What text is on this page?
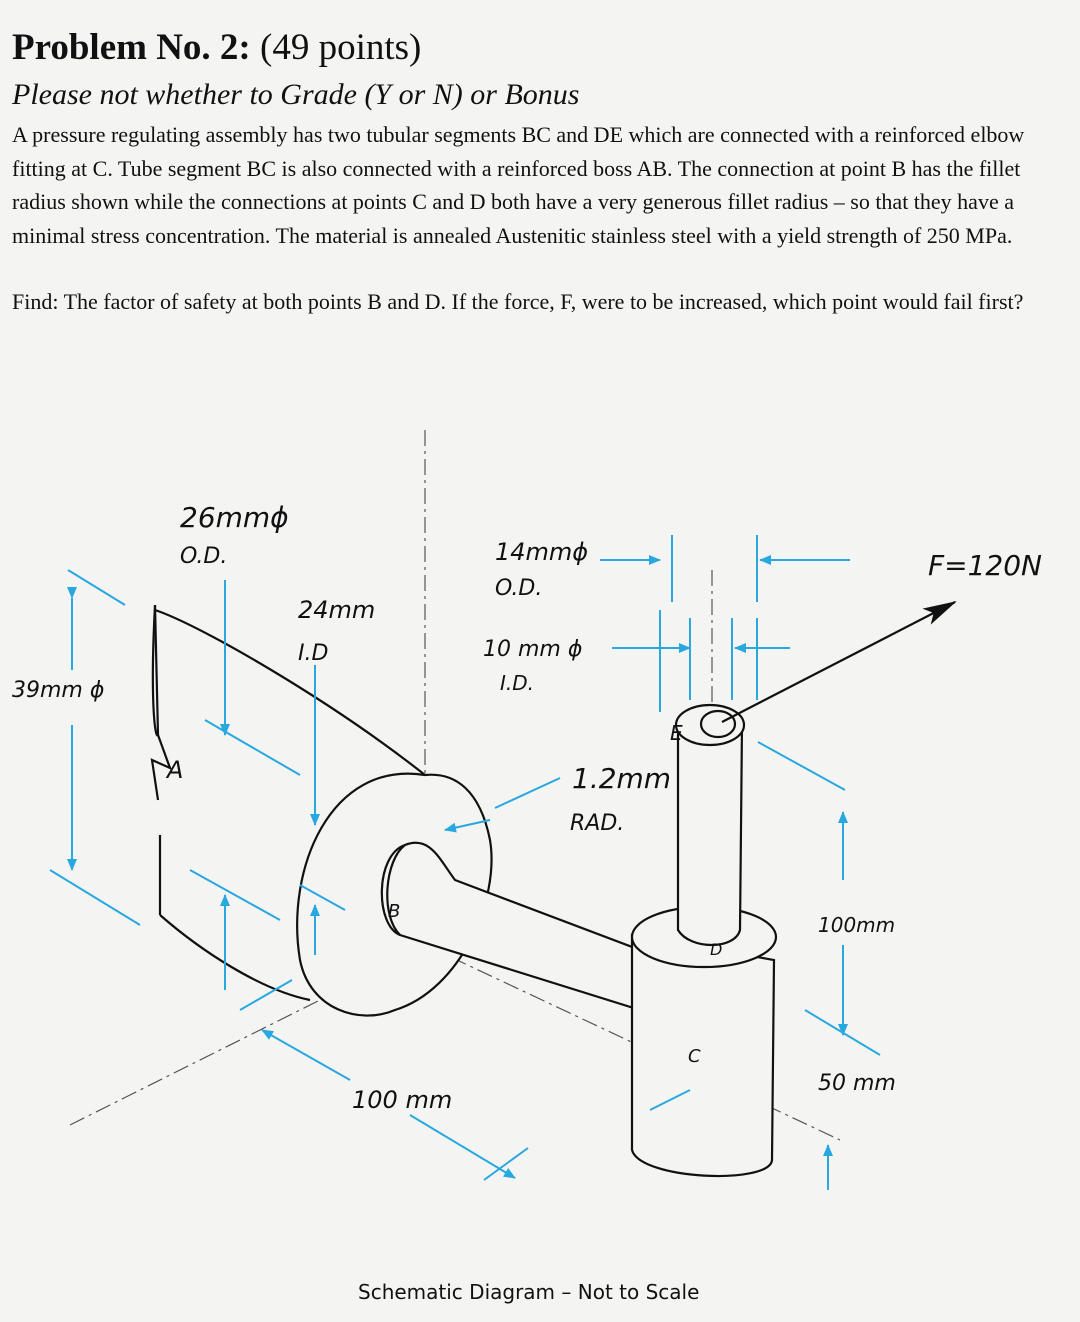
Problem No. 2: (49 points)

Please not whether to Grade (Y or N) or Bonus

A pressure regulating assembly has two tubular segments BC and DE which are connected with a reinforced elbow fitting at C. Tube segment BC is also connected with a reinforced boss AB. The connection at point B has the fillet radius shown while the connections at points C and D both have a very generous fillet radius – so that they have a minimal stress concentration. The material is annealed Austenitic stainless steel with a yield strength of 250 MPa.

Find: The factor of safety at both points B and D. If the force, F, were to be increased, which point would fail first?

26mmϕ
O.D.
39mm ϕ
24mm
I.D
14mmϕ
O.D.
10 mm ϕ
I.D.
1.2mm
RAD.
F=120N
100mm
100 mm
50 mm
A
B
C
D
E
Schematic Diagram – Not to Scale
